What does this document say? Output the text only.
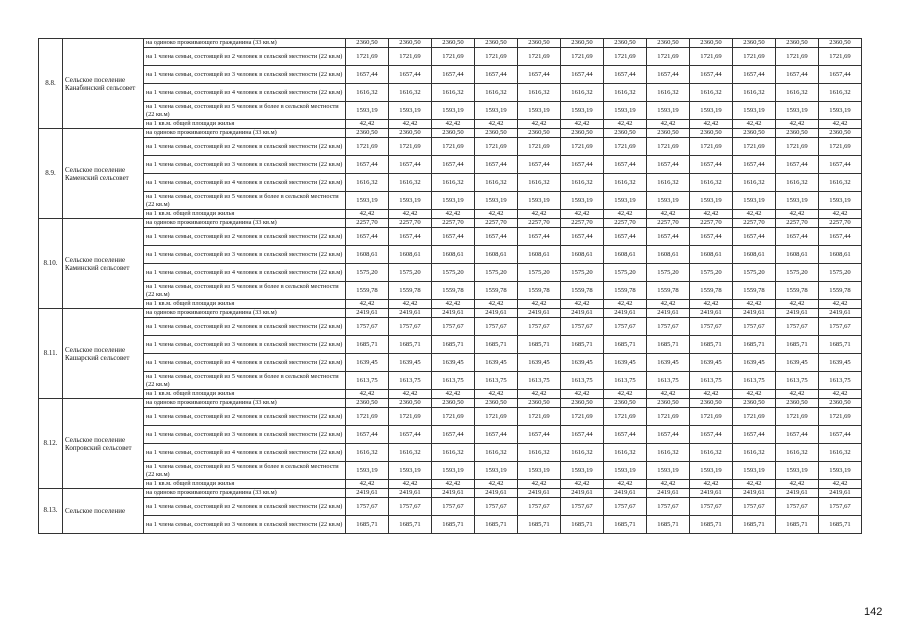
8.8.	Сельское поселение Канабинский сельсовет	на одиноко проживающего гражданина (33 кв.м)	2360,50	2360,50	2360,50	2360,50	2360,50	2360,50	2360,50	2360,50	2360,50	2360,50	2360,50	2360,50
		на 1 члена семьи, состоящей из 2 человек в сельской местности (22 кв.м)	1721,69	1721,69	1721,69	1721,69	1721,69	1721,69	1721,69	1721,69	1721,69	1721,69	1721,69	1721,69
		на 1 члена семьи, состоящей из 3 человек в сельской местности (22 кв.м)	1657,44	1657,44	1657,44	1657,44	1657,44	1657,44	1657,44	1657,44	1657,44	1657,44	1657,44	1657,44
		на 1 члена семьи, состоящей из 4 человек в сельской местности (22 кв.м)	1616,32	1616,32	1616,32	1616,32	1616,32	1616,32	1616,32	1616,32	1616,32	1616,32	1616,32	1616,32
		на 1 члена семьи, состоящей из 5 человек и более в сельской местности (22 кв.м)	1593,19	1593,19	1593,19	1593,19	1593,19	1593,19	1593,19	1593,19	1593,19	1593,19	1593,19	1593,19
		на 1 кв.м. общей площади жилья	42,42	42,42	42,42	42,42	42,42	42,42	42,42	42,42	42,42	42,42	42,42	42,42
8.9.	Сельское поселение Каменский сельсовет	на одиноко проживающего гражданина (33 кв.м)	2360,50	2360,50	2360,50	2360,50	2360,50	2360,50	2360,50	2360,50	2360,50	2360,50	2360,50	2360,50
		на 1 члена семьи, состоящей из 2 человек в сельской местности (22 кв.м)	1721,69	1721,69	1721,69	1721,69	1721,69	1721,69	1721,69	1721,69	1721,69	1721,69	1721,69	1721,69
		на 1 члена семьи, состоящей из 3 человек в сельской местности (22 кв.м)	1657,44	1657,44	1657,44	1657,44	1657,44	1657,44	1657,44	1657,44	1657,44	1657,44	1657,44	1657,44
		на 1 члена семьи, состоящей из 4 человек в сельской местности (22 кв.м)	1616,32	1616,32	1616,32	1616,32	1616,32	1616,32	1616,32	1616,32	1616,32	1616,32	1616,32	1616,32
		на 1 члена семьи, состоящей из 5 человек и более в сельской местности (22 кв.м)	1593,19	1593,19	1593,19	1593,19	1593,19	1593,19	1593,19	1593,19	1593,19	1593,19	1593,19	1593,19
		на 1 кв.м. общей площади жилья	42,42	42,42	42,42	42,42	42,42	42,42	42,42	42,42	42,42	42,42	42,42	42,42
8.10.	Сельское поселение Каминский сельсовет	на одиноко проживающего гражданина (33 кв.м)	2257,70	2257,70	2257,70	2257,70	2257,70	2257,70	2257,70	2257,70	2257,70	2257,70	2257,70	2257,70
		на 1 члена семьи, состоящей из 2 человек в сельской местности (22 кв.м)	1657,44	1657,44	1657,44	1657,44	1657,44	1657,44	1657,44	1657,44	1657,44	1657,44	1657,44	1657,44
		на 1 члена семьи, состоящей из 3 человек в сельской местности (22 кв.м)	1608,61	1608,61	1608,61	1608,61	1608,61	1608,61	1608,61	1608,61	1608,61	1608,61	1608,61	1608,61
		на 1 члена семьи, состоящей из 4 человек в сельской местности (22 кв.м)	1575,20	1575,20	1575,20	1575,20	1575,20	1575,20	1575,20	1575,20	1575,20	1575,20	1575,20	1575,20
		на 1 члена семьи, состоящей из 5 человек и более в сельской местности (22 кв.м)	1559,78	1559,78	1559,78	1559,78	1559,78	1559,78	1559,78	1559,78	1559,78	1559,78	1559,78	1559,78
		на 1 кв.м. общей площади жилья	42,42	42,42	42,42	42,42	42,42	42,42	42,42	42,42	42,42	42,42	42,42	42,42
8.11.	Сельское поселение Кашарский сельсовет	на одиноко проживающего гражданина (33 кв.м)	2419,61	2419,61	2419,61	2419,61	2419,61	2419,61	2419,61	2419,61	2419,61	2419,61	2419,61	2419,61
		на 1 члена семьи, состоящей из 2 человек в сельской местности (22 кв.м)	1757,67	1757,67	1757,67	1757,67	1757,67	1757,67	1757,67	1757,67	1757,67	1757,67	1757,67	1757,67
		на 1 члена семьи, состоящей из 3 человек в сельской местности (22 кв.м)	1685,71	1685,71	1685,71	1685,71	1685,71	1685,71	1685,71	1685,71	1685,71	1685,71	1685,71	1685,71
		на 1 члена семьи, состоящей из 4 человек в сельской местности (22 кв.м)	1639,45	1639,45	1639,45	1639,45	1639,45	1639,45	1639,45	1639,45	1639,45	1639,45	1639,45	1639,45
		на 1 члена семьи, состоящей из 5 человек и более в сельской местности (22 кв.м)	1613,75	1613,75	1613,75	1613,75	1613,75	1613,75	1613,75	1613,75	1613,75	1613,75	1613,75	1613,75
		на 1 кв.м. общей площади жилья	42,42	42,42	42,42	42,42	42,42	42,42	42,42	42,42	42,42	42,42	42,42	42,42
8.12.	Сельское поселение Копровский сельсовет	на одиноко проживающего гражданина (33 кв.м)	2360,50	2360,50	2360,50	2360,50	2360,50	2360,50	2360,50	2360,50	2360,50	2360,50	2360,50	2360,50
		на 1 члена семьи, состоящей из 2 человек в сельской местности (22 кв.м)	1721,69	1721,69	1721,69	1721,69	1721,69	1721,69	1721,69	1721,69	1721,69	1721,69	1721,69	1721,69
		на 1 члена семьи, состоящей из 3 человек в сельской местности (22 кв.м)	1657,44	1657,44	1657,44	1657,44	1657,44	1657,44	1657,44	1657,44	1657,44	1657,44	1657,44	1657,44
		на 1 члена семьи, состоящей из 4 человек в сельской местности (22 кв.м)	1616,32	1616,32	1616,32	1616,32	1616,32	1616,32	1616,32	1616,32	1616,32	1616,32	1616,32	1616,32
		на 1 члена семьи, состоящей из 5 человек и более в сельской местности (22 кв.м)	1593,19	1593,19	1593,19	1593,19	1593,19	1593,19	1593,19	1593,19	1593,19	1593,19	1593,19	1593,19
		на 1 кв.м. общей площади жилья	42,42	42,42	42,42	42,42	42,42	42,42	42,42	42,42	42,42	42,42	42,42	42,42
8.13.	Сельское поселение	на одиноко проживающего гражданина (33 кв.м)	2419,61	2419,61	2419,61	2419,61	2419,61	2419,61	2419,61	2419,61	2419,61	2419,61	2419,61	2419,61
		на 1 члена семьи, состоящей из 2 человек в сельской местности (22 кв.м)	1757,67	1757,67	1757,67	1757,67	1757,67	1757,67	1757,67	1757,67	1757,67	1757,67	1757,67	1757,67
		на 1 члена семьи, состоящей из 3 человек в сельской местности (22 кв.м)	1685,71	1685,71	1685,71	1685,71	1685,71	1685,71	1685,71	1685,71	1685,71	1685,71	1685,71	1685,71
142
